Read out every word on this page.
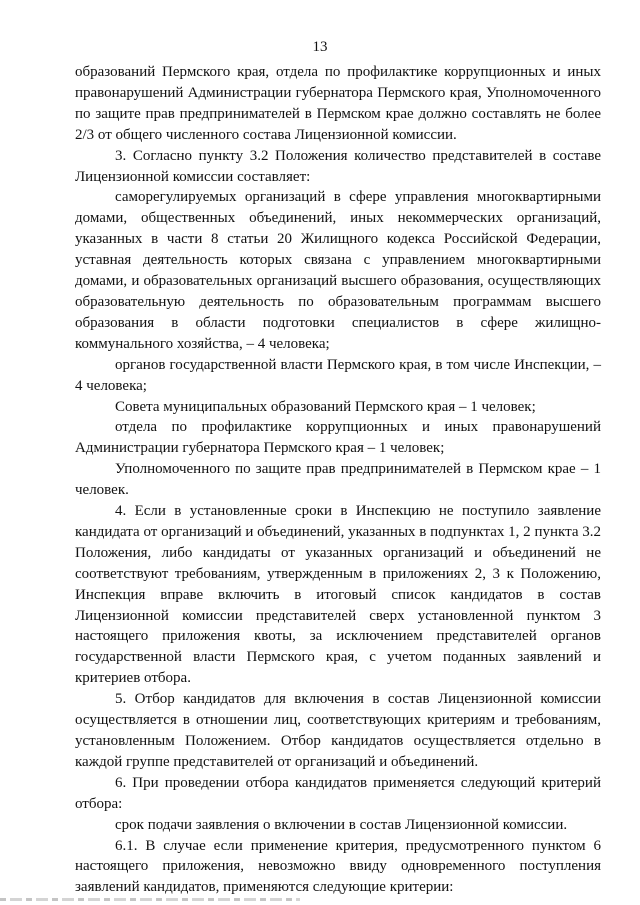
13

образований Пермского края, отдела по профилактике коррупционных и иных правонарушений Администрации губернатора Пермского края, Уполномоченного по защите прав предпринимателей в Пермском крае должно составлять не более 2/3 от общего численного состава Лицензионной комиссии.

3. Согласно пункту 3.2 Положения количество представителей в составе Лицензионной комиссии составляет:

саморегулируемых организаций в сфере управления многоквартирными домами, общественных объединений, иных некоммерческих организаций, указанных в части 8 статьи 20 Жилищного кодекса Российской Федерации, уставная деятельность которых связана с управлением многоквартирными домами, и образовательных организаций высшего образования, осуществляющих образовательную деятельность по образовательным программам высшего образования в области подготовки специалистов в сфере жилищно-коммунального хозяйства, – 4 человека;

органов государственной власти Пермского края, в том числе Инспекции, – 4 человека;

Совета муниципальных образований Пермского края – 1 человек;

отдела по профилактике коррупционных и иных правонарушений Администрации губернатора Пермского края – 1 человек;

Уполномоченного по защите прав предпринимателей в Пермском крае – 1 человек.

4. Если в установленные сроки в Инспекцию не поступило заявление кандидата от организаций и объединений, указанных в подпунктах 1, 2 пункта 3.2 Положения, либо кандидаты от указанных организаций и объединений не соответствуют требованиям, утвержденным в приложениях 2, 3 к Положению, Инспекция вправе включить в итоговый список кандидатов в состав Лицензионной комиссии представителей сверх установленной пунктом 3 настоящего приложения квоты, за исключением представителей органов государственной власти Пермского края, с учетом поданных заявлений и критериев отбора.

5. Отбор кандидатов для включения в состав Лицензионной комиссии осуществляется в отношении лиц, соответствующих критериям и требованиям, установленным Положением. Отбор кандидатов осуществляется отдельно в каждой группе представителей от организаций и объединений.

6. При проведении отбора кандидатов применяется следующий критерий отбора:

срок подачи заявления о включении в состав Лицензионной комиссии.

6.1. В случае если применение критерия, предусмотренного пунктом 6 настоящего приложения, невозможно ввиду одновременного поступления заявлений кандидатов, применяются следующие критерии:
